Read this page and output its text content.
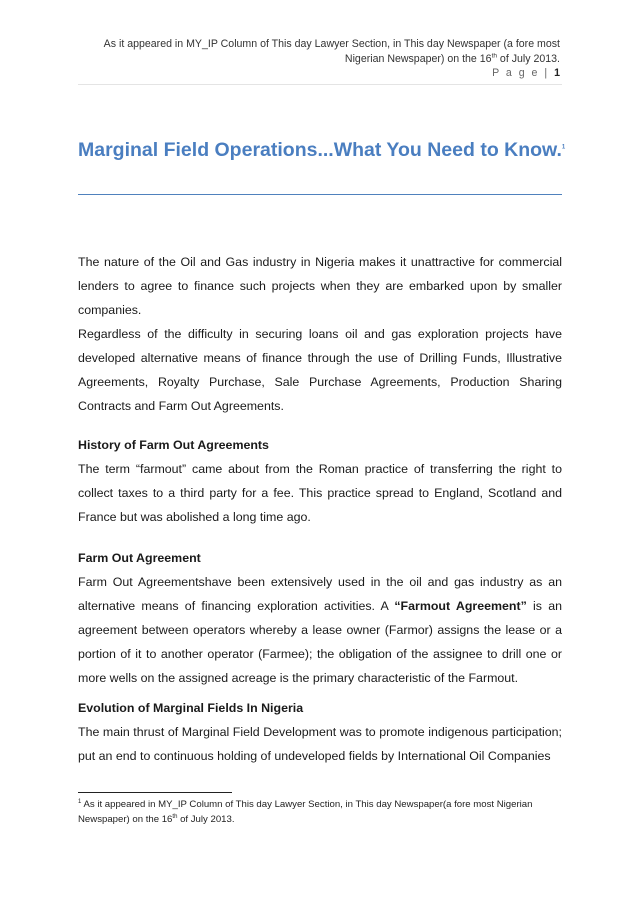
As it appeared in MY_IP Column of This day Lawyer Section, in This day Newspaper (a fore most
Nigerian Newspaper) on the 16th of July 2013.
P a g e | 1
Marginal Field Operations...What You Need to Know.$^1$

The nature of the Oil and Gas industry in Nigeria makes it unattractive for commercial lenders to agree to finance such projects when they are embarked upon by smaller companies.

Regardless of the difficulty in securing loans oil and gas exploration projects have developed alternative means of finance through the use of Drilling Funds, Illustrative Agreements, Royalty Purchase, Sale Purchase Agreements, Production Sharing Contracts and Farm Out Agreements.

History of Farm Out Agreements

The term “farmout” came about from the Roman practice of transferring the right to collect taxes to a third party for a fee. This practice spread to England, Scotland and France but was abolished a long time ago.

Farm Out Agreement

Farm Out Agreementshave been extensively used in the oil and gas industry as an alternative means of financing exploration activities. A “Farmout Agreement” is an agreement between operators whereby a lease owner (Farmor) assigns the lease or a portion of it to another operator (Farmee); the obligation of the assignee to drill one or more wells on the assigned acreage is the primary characteristic of the Farmout.

Evolution of Marginal Fields In Nigeria

The main thrust of Marginal Field Development was to promote indigenous participation; put an end to continuous holding of undeveloped fields by International Oil Companies

$^1$ As it appeared in MY_IP Column of This day Lawyer Section, in This day Newspaper(a fore most Nigerian
Newspaper) on the 16th of July 2013.
